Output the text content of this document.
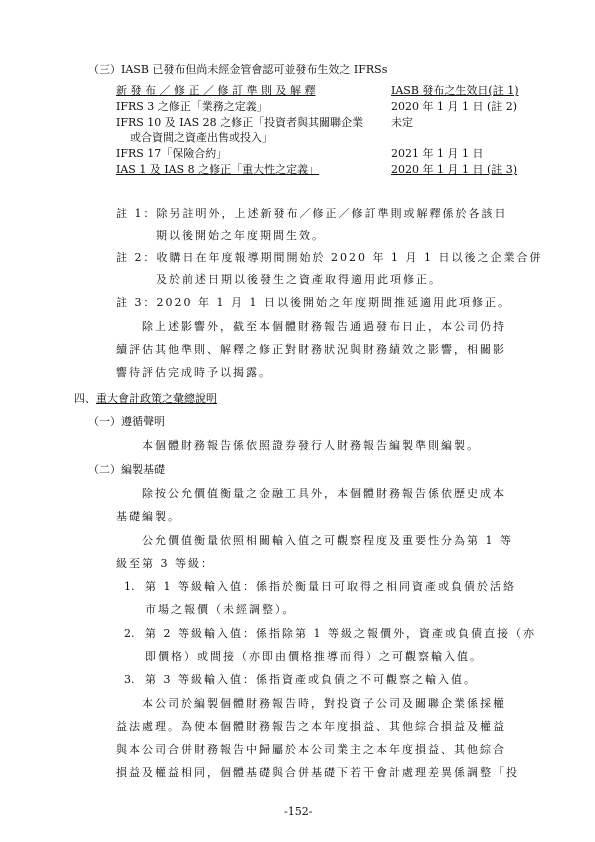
（三）IASB 已發布但尚未經金管會認可並發布生效之 IFRSs
新 發 布 ／ 修 正 ／ 修 訂 準 則 及 解 釋	IASB 發布之生效日(註 1)
IFRS 3 之修正「業務之定義」	2020 年 1 月 1 日 (註 2)
IFRS 10 及 IAS 28 之修正「投資者與其關聯企業	未定
或合資間之資產出售或投入」
IFRS 17「保險合約」	2021 年 1 月 1 日
IAS 1 及 IAS 8 之修正「重大性之定義」	2020 年 1 月 1 日 (註 3)
註 1：除另註明外，上述新發布／修正／修訂準則或解釋係於各該日
期以後開始之年度期間生效。
註 2：收購日在年度報導期間開始於 2020 年 1 月 1 日以後之企業合併
及於前述日期以後發生之資產取得適用此項修正。
註 3：2020 年 1 月 1 日以後開始之年度期間推延適用此項修正。
除上述影響外，截至本個體財務報告通過發布日止，本公司仍持
續評估其他準則、解釋之修正對財務狀況與財務績效之影響，相關影
響待評估完成時予以揭露。
四、重大會計政策之彙總說明
（一）遵循聲明
本個體財務報告係依照證券發行人財務報告編製準則編製。
（二）編製基礎
除按公允價值衡量之金融工具外，本個體財務報告係依歷史成本
基礎編製。
公允價值衡量依照相關輸入值之可觀察程度及重要性分為第 1 等
級至第 3 等級：
1. 第 1 等級輸入值：係指於衡量日可取得之相同資產或負債於活絡
市場之報價（未經調整）。
2. 第 2 等級輸入值：係指除第 1 等級之報價外，資產或負債直接（亦
即價格）或間接（亦即由價格推導而得）之可觀察輸入值。
3. 第 3 等級輸入值：係指資產或負債之不可觀察之輸入值。
本公司於編製個體財務報告時，對投資子公司及關聯企業係採權
益法處理。為使本個體財務報告之本年度損益、其他綜合損益及權益
與本公司合併財務報告中歸屬於本公司業主之本年度損益、其他綜合
損益及權益相同，個體基礎與合併基礎下若干會計處理差異係調整「投
-152-
